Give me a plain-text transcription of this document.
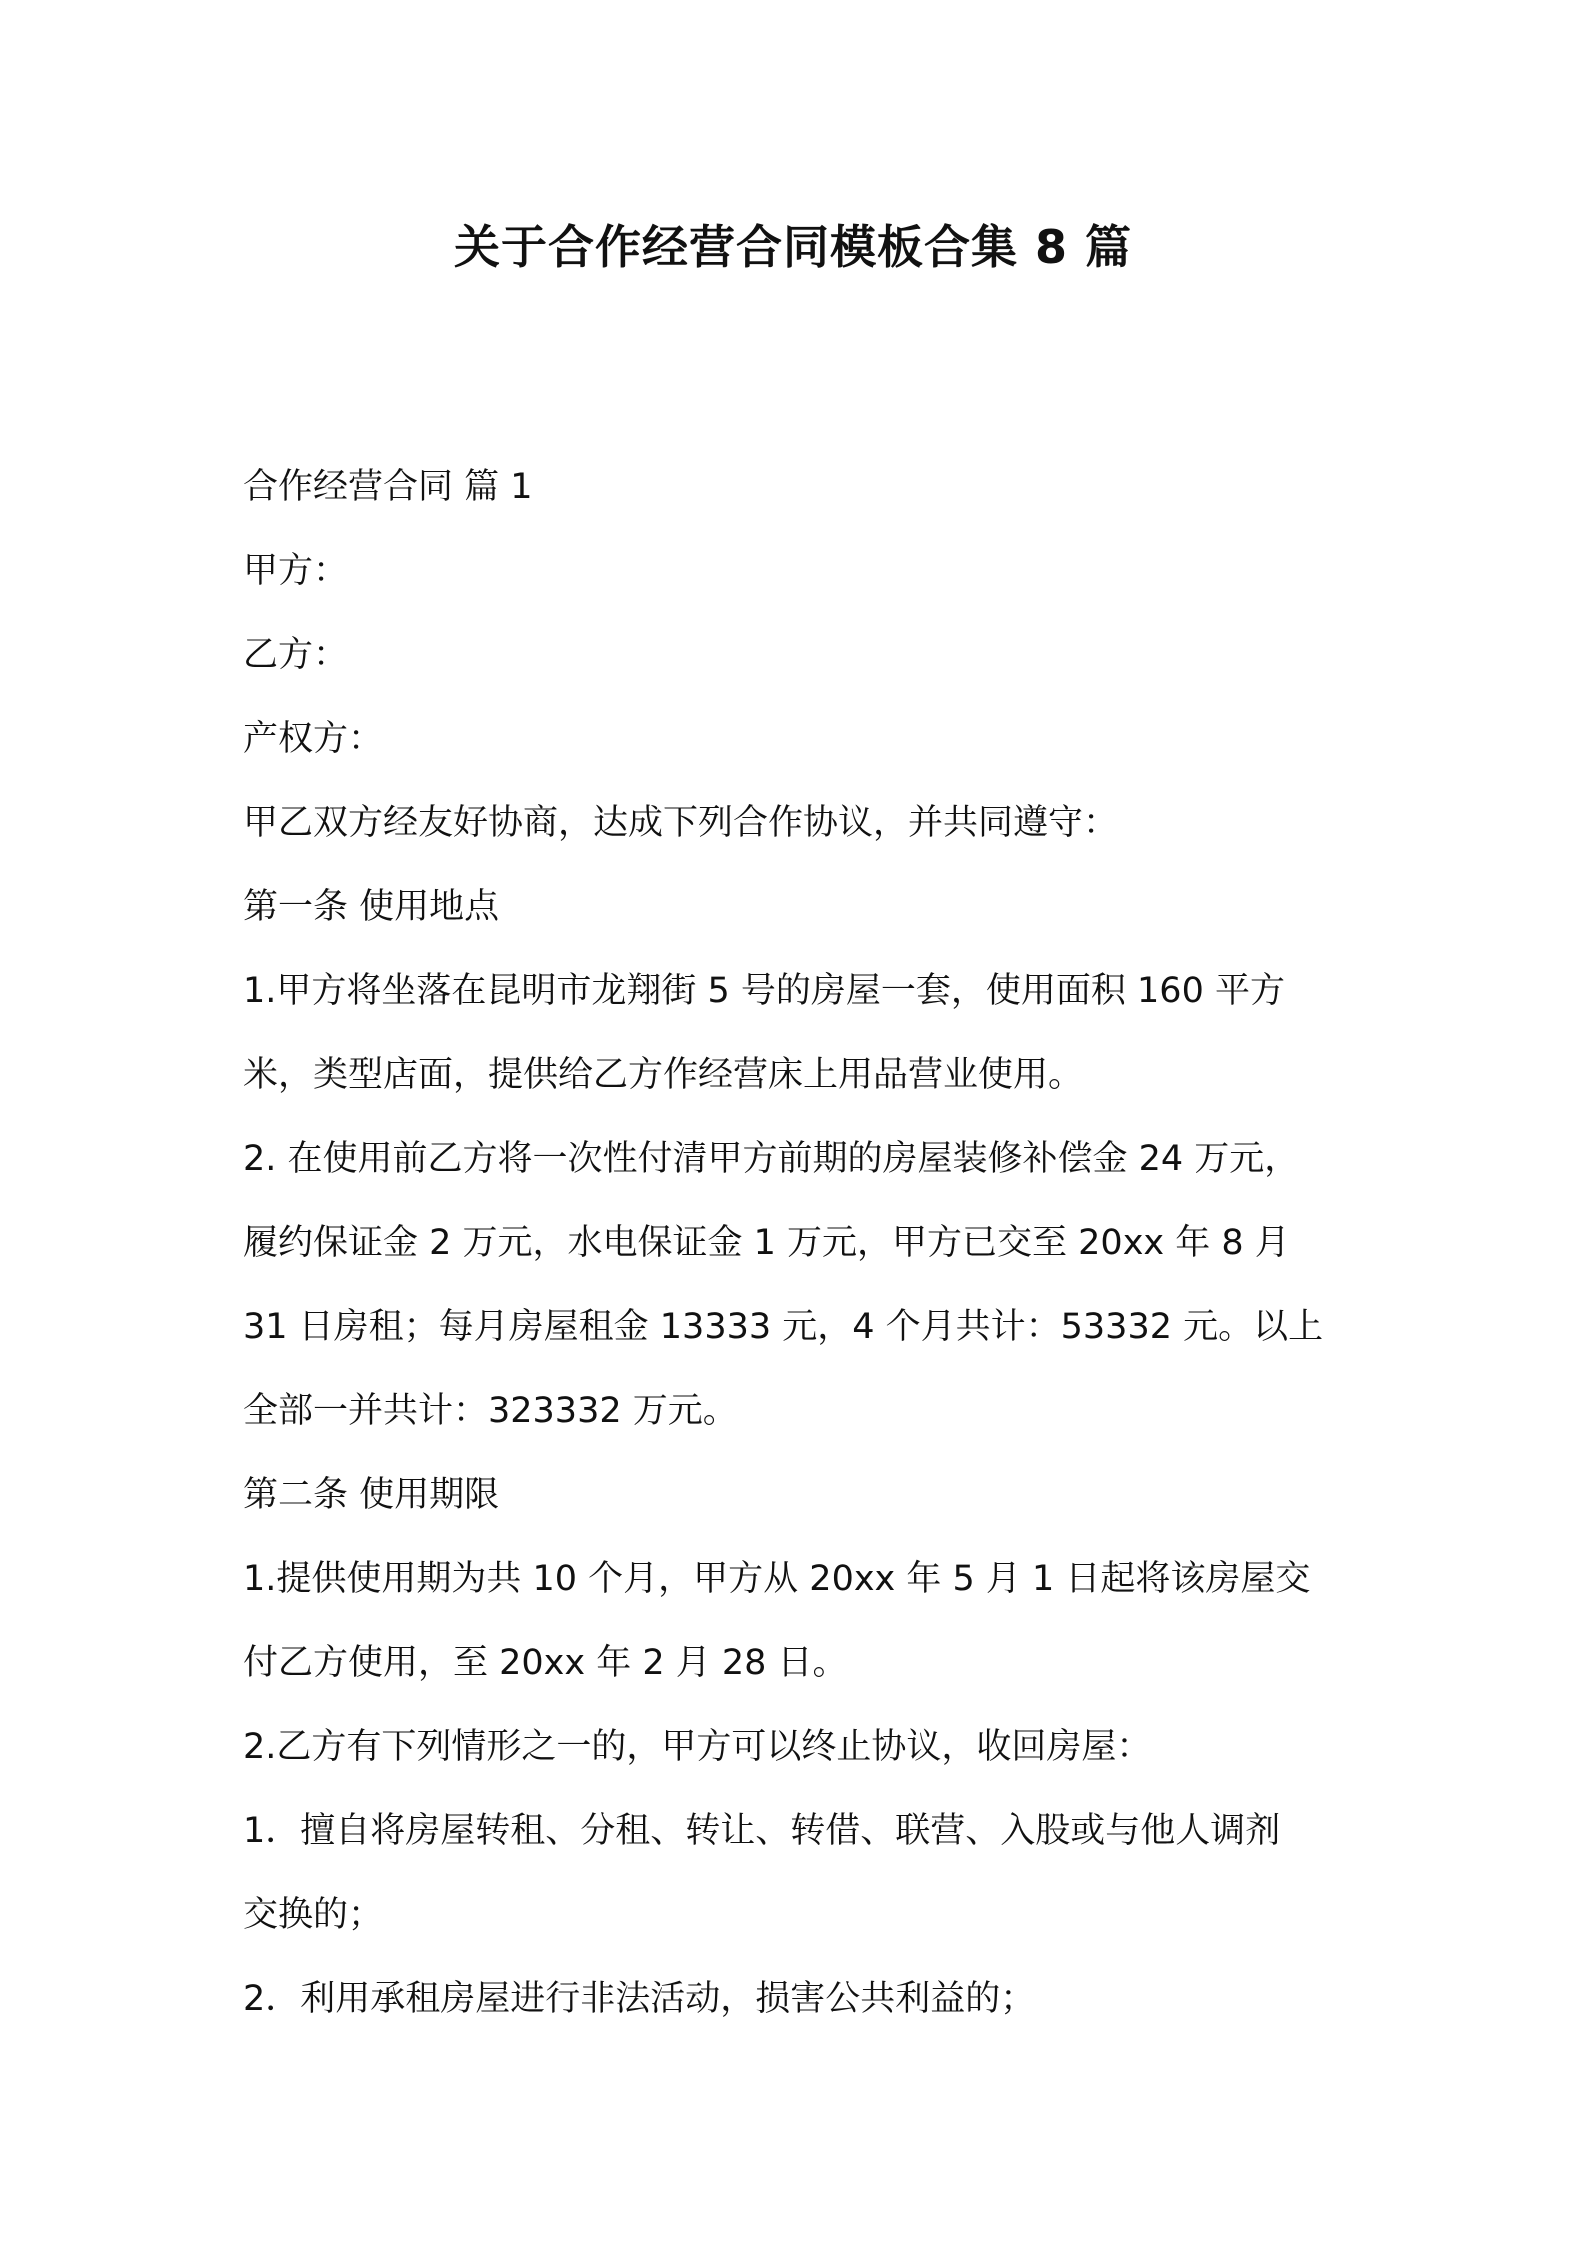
关于合作经营合同模板合集 8 篇

合作经营合同 篇 1

甲方：

乙方：

产权方：

甲乙双方经友好协商，达成下列合作协议，并共同遵守：

第一条 使用地点

1.甲方将坐落在昆明市龙翔街 5 号的房屋一套，使用面积 160 平方

米，类型店面，提供给乙方作经营床上用品营业使用。

2. 在使用前乙方将一次性付清甲方前期的房屋装修补偿金 24 万元，

履约保证金 2 万元，水电保证金 1 万元，甲方已交至 20xx 年 8 月

31 日房租；每月房屋租金 13333 元，4 个月共计：53332 元。以上

全部一并共计：323332 万元。

第二条 使用期限

1.提供使用期为共 10 个月，甲方从 20xx 年 5 月 1 日起将该房屋交

付乙方使用，至 20xx 年 2 月 28 日。

2.乙方有下列情形之一的，甲方可以终止协议，收回房屋：

1．擅自将房屋转租、分租、转让、转借、联营、入股或与他人调剂

交换的；

2．利用承租房屋进行非法活动，损害公共利益的；
